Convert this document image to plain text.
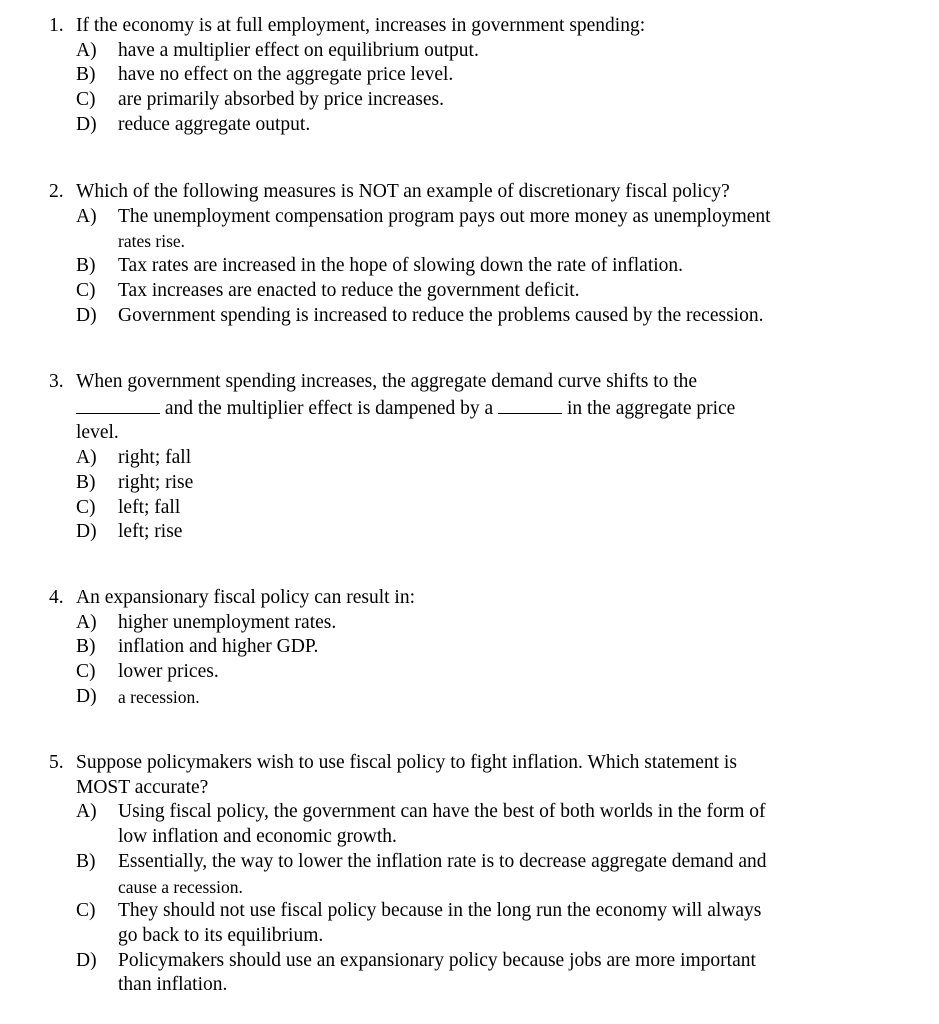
1. If the economy is at full employment, increases in government spending:
A) have a multiplier effect on equilibrium output.
B) have no effect on the aggregate price level.
C) are primarily absorbed by price increases.
D) reduce aggregate output.
2. Which of the following measures is NOT an example of discretionary fiscal policy?
A) The unemployment compensation program pays out more money as unemployment
rates rise.
B) Tax rates are increased in the hope of slowing down the rate of inflation.
C) Tax increases are enacted to reduce the government deficit.
D) Government spending is increased to reduce the problems caused by the recession.
3. When government spending increases, the aggregate demand curve shifts to the
and the multiplier effect is dampened by a	in the aggregate price
level.
A) right; fall
B) right; rise
C) left; fall
D) left; rise
4. An expansionary fiscal policy can result in:
A) higher unemployment rates.
B) inflation and higher GDP.
C) lower prices.
D) a recession.
5. Suppose policymakers wish to use fiscal policy to fight inflation. Which statement is
MOST accurate?
A) Using fiscal policy, the government can have the best of both worlds in the form of
low inflation and economic growth.
B) Essentially, the way to lower the inflation rate is to decrease aggregate demand and
cause a recession.
C) They should not use fiscal policy because in the long run the economy will always
go back to its equilibrium.
D) Policymakers should use an expansionary policy because jobs are more important
than inflation.
